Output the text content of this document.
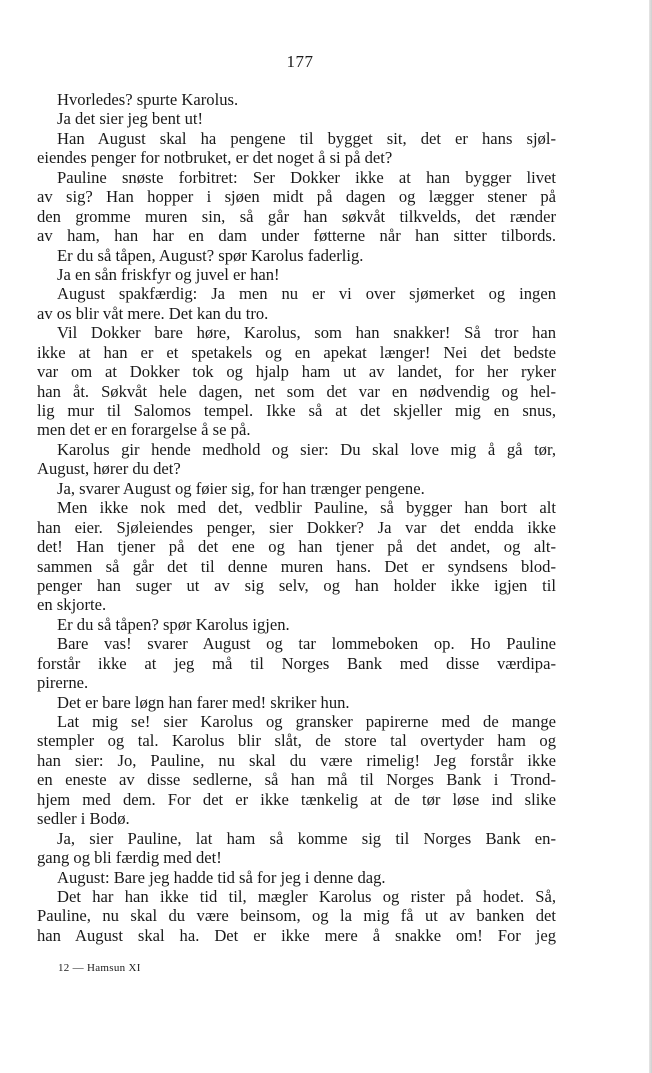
177
Hvorledes? spurte Karolus.
Ja det sier jeg bent ut!
Han August skal ha pengene til bygget sit, det er hans sjøl-
eiendes penger for notbruket, er det noget å si på det?
Pauline snøste forbitret: Ser Dokker ikke at han bygger livet
av sig? Han hopper i sjøen midt på dagen og lægger stener på
den gromme muren sin, så går han søkvåt tilkvelds, det rænder
av ham, han har en dam under føtterne når han sitter tilbords.
Er du så tåpen, August? spør Karolus faderlig.
Ja en sån friskfyr og juvel er han!
August spakfærdig: Ja men nu er vi over sjømerket og ingen
av os blir våt mere. Det kan du tro.
Vil Dokker bare høre, Karolus, som han snakker! Så tror han
ikke at han er et spetakels og en apekat længer! Nei det bedste
var om at Dokker tok og hjalp ham ut av landet, for her ryker
han åt. Søkvåt hele dagen, net som det var en nødvendig og hel-
lig mur til Salomos tempel. Ikke så at det skjeller mig en snus,
men det er en forargelse å se på.
Karolus gir hende medhold og sier: Du skal love mig å gå tør,
August, hører du det?
Ja, svarer August og føier sig, for han trænger pengene.
Men ikke nok med det, vedblir Pauline, så bygger han bort alt
han eier. Sjøleiendes penger, sier Dokker? Ja var det endda ikke
det! Han tjener på det ene og han tjener på det andet, og alt-
sammen så går det til denne muren hans. Det er syndsens blod-
penger han suger ut av sig selv, og han holder ikke igjen til
en skjorte.
Er du så tåpen? spør Karolus igjen.
Bare vas! svarer August og tar lommeboken op. Ho Pauline
forstår ikke at jeg må til Norges Bank med disse værdipa-
pirerne.
Det er bare løgn han farer med! skriker hun.
Lat mig se! sier Karolus og gransker papirerne med de mange
stempler og tal. Karolus blir slåt, de store tal overtyder ham og
han sier: Jo, Pauline, nu skal du være rimelig! Jeg forstår ikke
en eneste av disse sedlerne, så han må til Norges Bank i Trond-
hjem med dem. For det er ikke tænkelig at de tør løse ind slike
sedler i Bodø.
Ja, sier Pauline, lat ham så komme sig til Norges Bank en-
gang og bli færdig med det!
August: Bare jeg hadde tid så for jeg i denne dag.
Det har han ikke tid til, mægler Karolus og rister på hodet. Så,
Pauline, nu skal du være beinsom, og la mig få ut av banken det
han August skal ha. Det er ikke mere å snakke om! For jeg
12 — Hamsun XI
